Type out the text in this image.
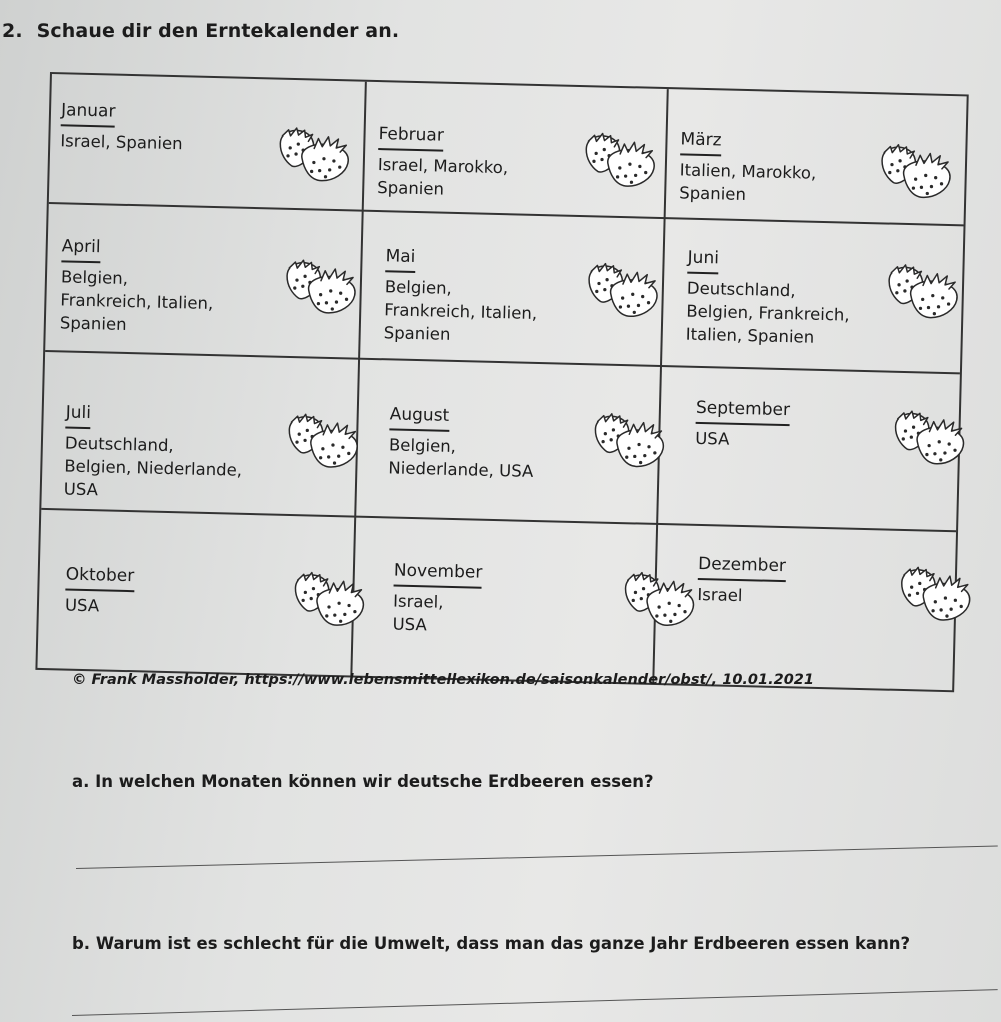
​
2. Schaue dir den Erntekalender an.
Januar
Israel, Spanien	Februar
Israel, Marokko,
Spanien
März
Italien, Marokko,
Spanien
April
Belgien,
Frankreich, Italien,
Spanien
Mai
Belgien,
Frankreich, Italien,
Spanien
Juni
Deutschland,
Belgien, Frankreich,
Italien, Spanien
Juli
Deutschland,
Belgien, Niederlande,
USA
August
Belgien,
Niederlande, USA
September
USA
Oktober
USA
November
Israel,
USA
Dezember
Israel

© Frank Massholder, https://www.lebensmittellexikon.de/saisonkalender/obst/, 10.01.2021

a. In welchen Monaten können wir deutsche Erdbeeren essen?

b. Warum ist es schlecht für die Umwelt, dass man das ganze Jahr Erdbeeren essen kann?
